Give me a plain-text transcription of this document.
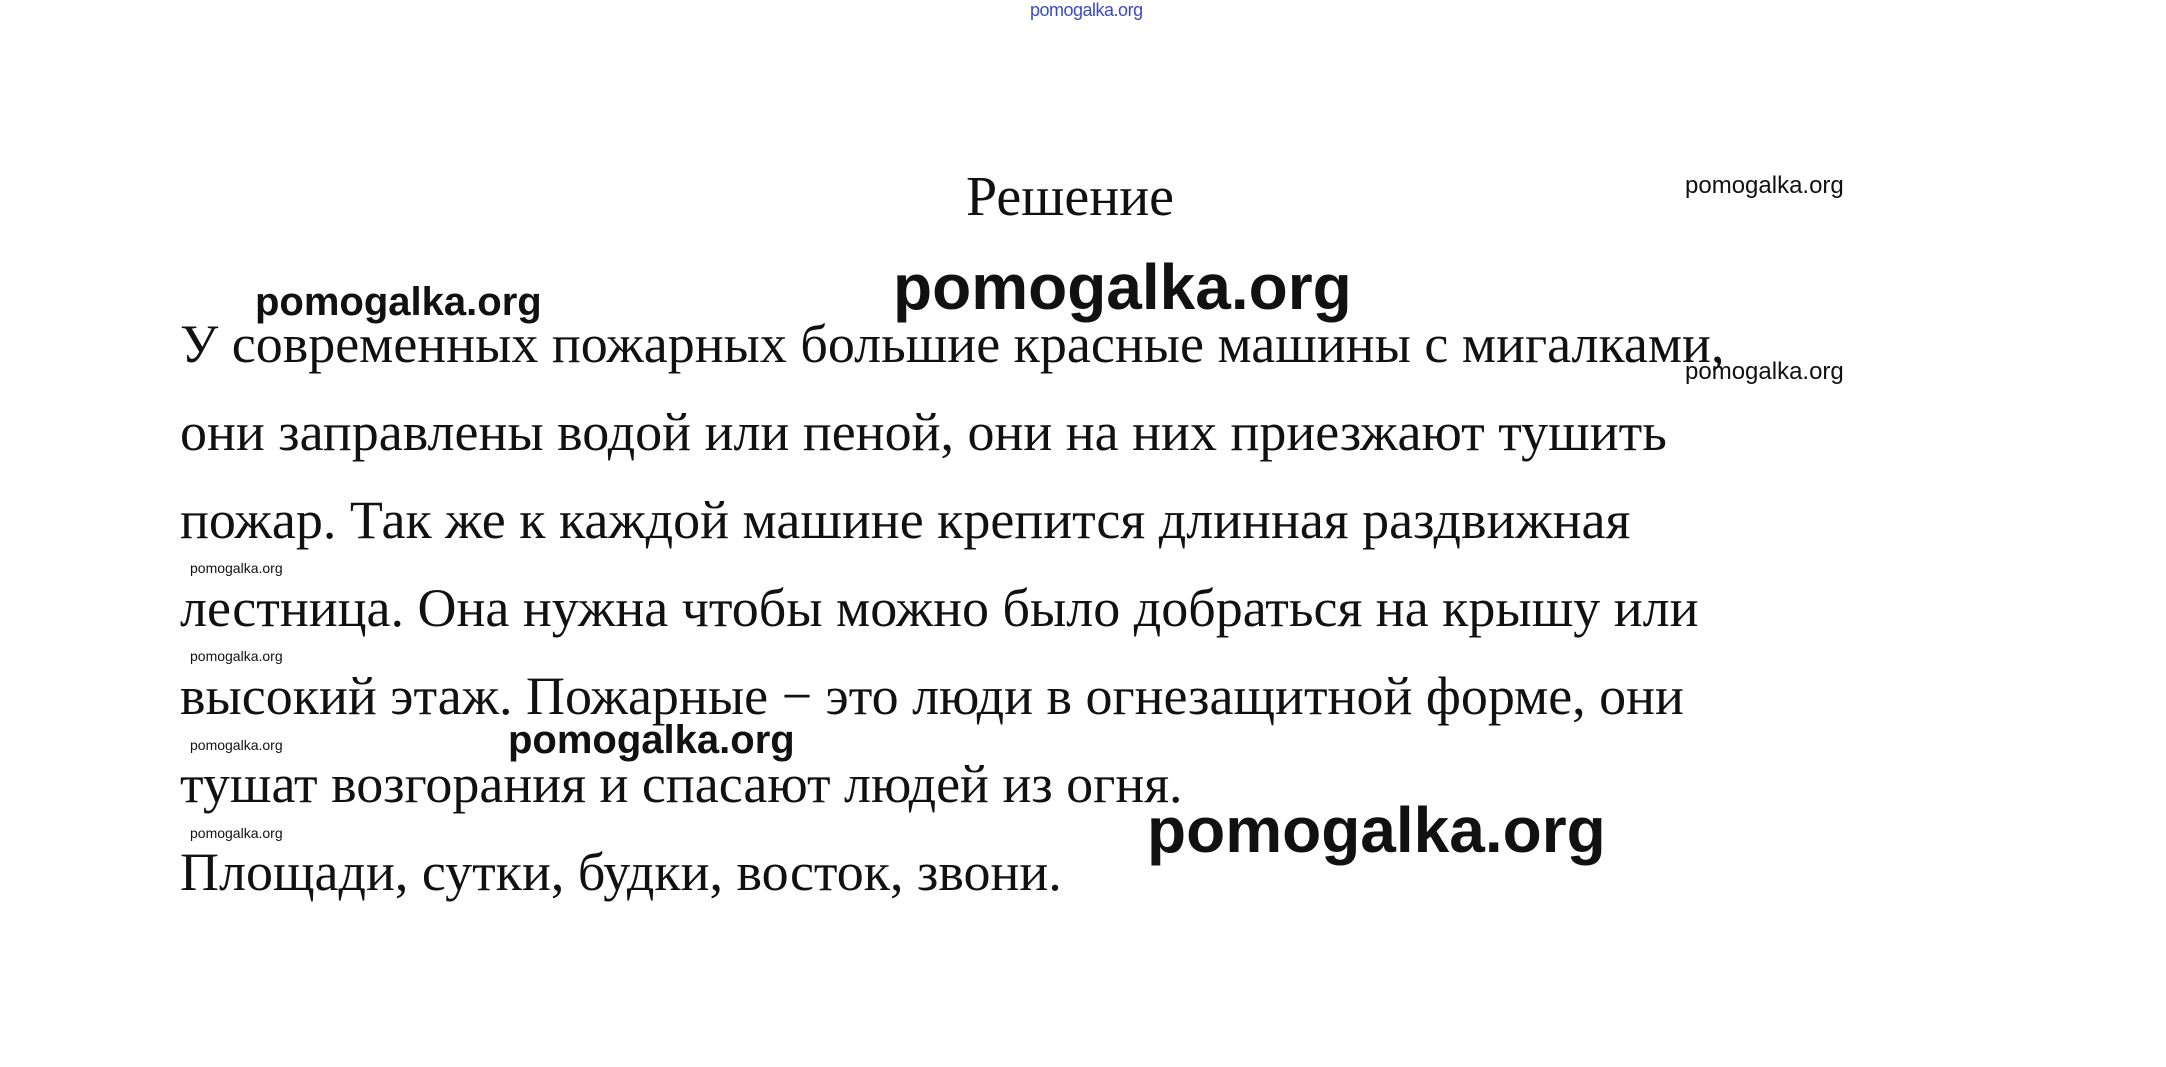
pomogalka.org
Решение
У современных пожарных большие красные машины с мигалками,
они заправлены водой или пеной, они на них приезжают тушить
пожар. Так же к каждой машине крепится длинная раздвижная
лестница. Она нужна чтобы можно было добраться на крышу или
высокий этаж. Пожарные − это люди в огнезащитной форме, они
тушат возгорания и спасают людей из огня.
Площади, сутки, будки, восток, звони.
pomogalka.org
pomogalka.org
pomogalka.org
pomogalka.org
pomogalka.org
pomogalka.org
pomogalka.org
pomogalka.org
pomogalka.org
pomogalka.org
